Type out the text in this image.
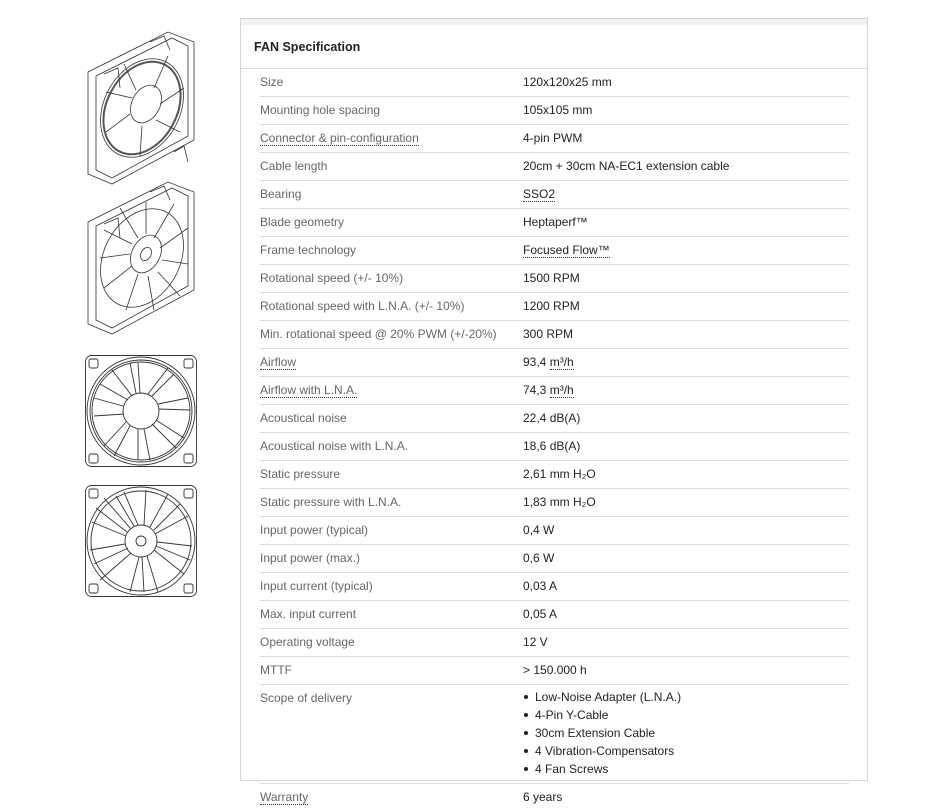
FAN Specification
Size	120x120x25 mm
Mounting hole spacing	105x105 mm
Connector & pin-configuration	4-pin PWM
Cable length	20cm + 30cm NA-EC1 extension cable
Bearing	SSO2
Blade geometry	Heptaperf™
Frame technology	Focused Flow™
Rotational speed (+/- 10%)	1500 RPM
Rotational speed with L.N.A. (+/- 10%)	1200 RPM
Min. rotational speed @ 20% PWM (+/-20%)	300 RPM
Airflow	93,4 m³/h
Airflow with L.N.A.	74,3 m³/h
Acoustical noise	22,4 dB(A)
Acoustical noise with L.N.A.	18,6 dB(A)
Static pressure	2,61 mm H₂O
Static pressure with L.N.A.	1,83 mm H₂O
Input power (typical)	0,4 W
Input power (max.)	0,6 W
Input current (typical)	0,03 A
Max. input current	0,05 A
Operating voltage	12 V
MTTF	> 150.000 h
Scope of delivery	Low-Noise Adapter (L.N.A.)
4-Pin Y-Cable
30cm Extension Cable
4 Vibration-Compensators
4 Fan Screws
Warranty	6 years
